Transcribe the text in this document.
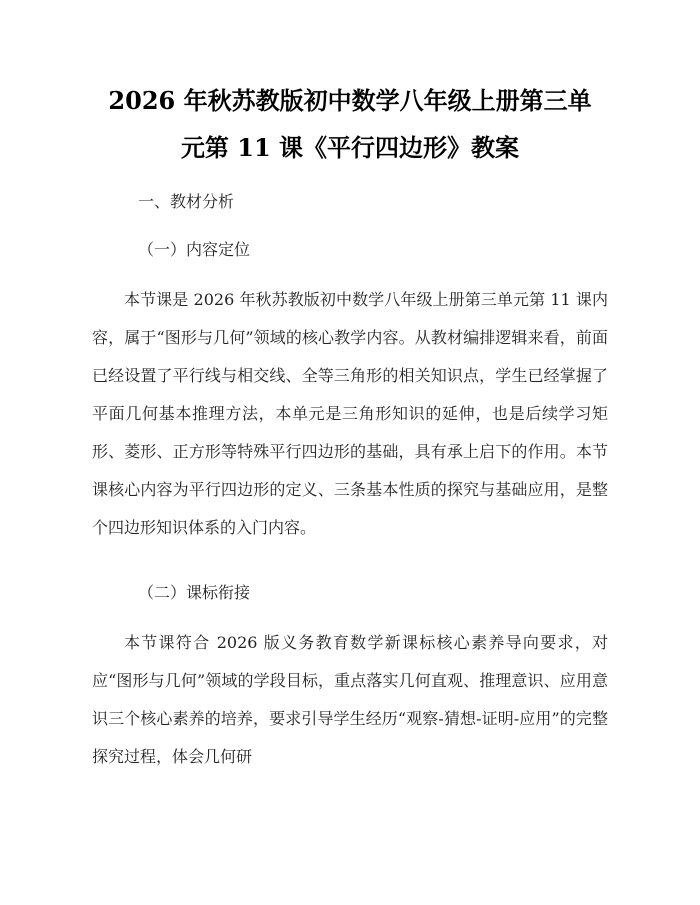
2026 年秋苏教版初中数学八年级上册第三单
元第 11 课《平行四边形》教案
一、教材分析
（一）内容定位

本节课是 2026 年秋苏教版初中数学八年级上册第三单元第 11 课内容，属于“图形与几何”领域的核心教学内容。从教材编排逻辑来看，前面已经设置了平行线与相交线、全等三角形的相关知识点，学生已经掌握了平面几何基本推理方法，本单元是三角形知识的延伸，也是后续学习矩形、菱形、正方形等特殊平行四边形的基础，具有承上启下的作用。本节课核心内容为平行四边形的定义、三条基本性质的探究与基础应用，是整个四边形知识体系的入门内容。

（二）课标衔接

本节课符合 2026 版义务教育数学新课标核心素养导向要求，对应“图形与几何”领域的学段目标，重点落实几何直观、推理意识、应用意识三个核心素养的培养，要求引导学生经历“观察-猜想-证明-应用”的完整探究过程，体会几何研
